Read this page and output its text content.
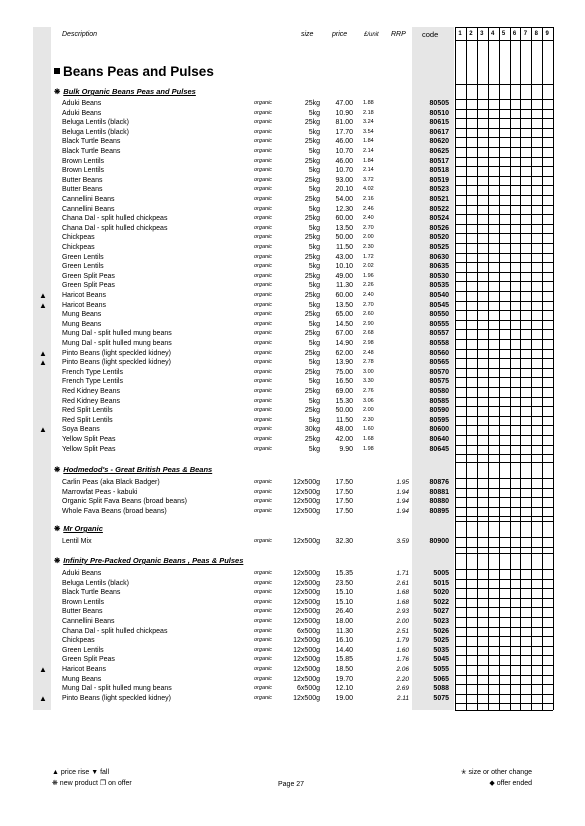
Description	size	price	£/unit RRP code	1	2	3	4	5	6	7	8	9
Beans Peas and Pulses
❋ Bulk Organic Beans Peas and Pulses
Aduki Beans	organic	25kg	47.00 1.88	80505
Aduki Beans	organic	5kg	10.90 2.18	80510
Beluga Lentils (black)	organic	25kg	81.00 3.24	80615
Beluga Lentils (black)	organic	5kg	17.70 3.54	80617
Black Turtle Beans	organic	25kg	46.00 1.84	80620
Black Turtle Beans	organic	5kg	10.70 2.14	80625
Brown Lentils	organic	25kg	46.00 1.84	80517
Brown Lentils	organic	5kg	10.70 2.14	80518
Butter Beans	organic	25kg	93.00 3.72	80519
Butter Beans	organic	5kg	20.10 4.02	80523
Cannellini Beans	organic	25kg	54.00 2.16	80521
Cannellini Beans	organic	5kg	12.30 2.46	80522
Chana Dal - split hulled chickpeas	organic	25kg	60.00 2.40	80524
Chana Dal - split hulled chickpeas	organic	5kg	13.50 2.70	80526
Chickpeas	organic	25kg	50.00 2.00	80520
Chickpeas	organic	5kg	11.50 2.30	80525
Green Lentils	organic	25kg	43.00 1.72	80630
Green Lentils	organic	5kg	10.10 2.02	80635
Green Split Peas	organic	25kg	49.00 1.96	80530
Green Split Peas	organic	5kg	11.30 2.26	80535
▲ Haricot Beans	organic	25kg	60.00 2.40	80540
▲ Haricot Beans	organic	5kg	13.50 2.70	80545
Mung Beans	organic	25kg	65.00 2.60	80550
Mung Beans	organic	5kg	14.50 2.90	80555
Mung Dal - split hulled mung beans	organic	25kg	67.00 2.68	80557
Mung Dal - split hulled mung beans	organic	5kg	14.90 2.98	80558
▲ Pinto Beans (light speckled kidney)	organic	25kg	62.00 2.48	80560
▲ Pinto Beans (light speckled kidney)	organic	5kg	13.90 2.78	80565
French Type Lentils	organic	25kg	75.00 3.00	80570
French Type Lentils	organic	5kg	16.50 3.30	80575
Red Kidney Beans	organic	25kg	69.00 2.76	80580
Red Kidney Beans	organic	5kg	15.30 3.06	80585
Red Split Lentils	organic	25kg	50.00 2.00	80590
Red Split Lentils	organic	5kg	11.50 2.30	80595
▲ Soya Beans	organic	30kg	48.00 1.60	80600
Yellow Split Peas	organic	25kg	42.00 1.68	80640
Yellow Split Peas	organic	5kg	9.90 1.98	80645
❋ Hodmedod's - Great British Peas & Beans
Carlin Peas (aka Black Badger)	organic	12x500g	17.50	1.95	80876
Marrowfat Peas - kabuki	organic	12x500g	17.50	1.94	80881
Organic Split Fava Beans (broad beans)	organic	12x500g	17.50	1.94	80880
Whole Fava Beans (broad beans)	organic	12x500g	17.50	1.94	80895
❋ Mr Organic
Lentil Mix	organic	12x500g	32.30	3.59	80900
❋ Infinity Pre-Packed Organic Beans , Peas & Pulses
Aduki Beans	organic	12x500g	15.35	1.71	5005
Beluga Lentils (black)	organic	12x500g	23.50	2.61	5015
Black Turtle Beans	organic	12x500g	15.10	1.68	5020
Brown Lentils	organic	12x500g	15.10	1.68	5022
Butter Beans	organic	12x500g	26.40	2.93	5027
Cannellini Beans	organic	12x500g	18.00	2.00	5023
Chana Dal - split hulled chickpeas	organic	6x500g	11.30	2.51	5026
Chickpeas	organic	12x500g	16.10	1.79	5025
Green Lentils	organic	12x500g	14.40	1.60	5035
Green Split Peas	organic	12x500g	15.85	1.76	5045
▲ Haricot Beans	organic	12x500g	18.50	2.06	5055
Mung Beans	organic	12x500g	19.70	2.20	5065
Mung Dal - split hulled mung beans	organic	6x500g	12.10	2.69	5088
▲ Pinto Beans (light speckled kidney)	organic	12x500g	19.00	2.11	5075
▲ price rise ▼ fall
❋ new product ❐ on offer	Page 27
✭ size or other change
◆ offer ended
